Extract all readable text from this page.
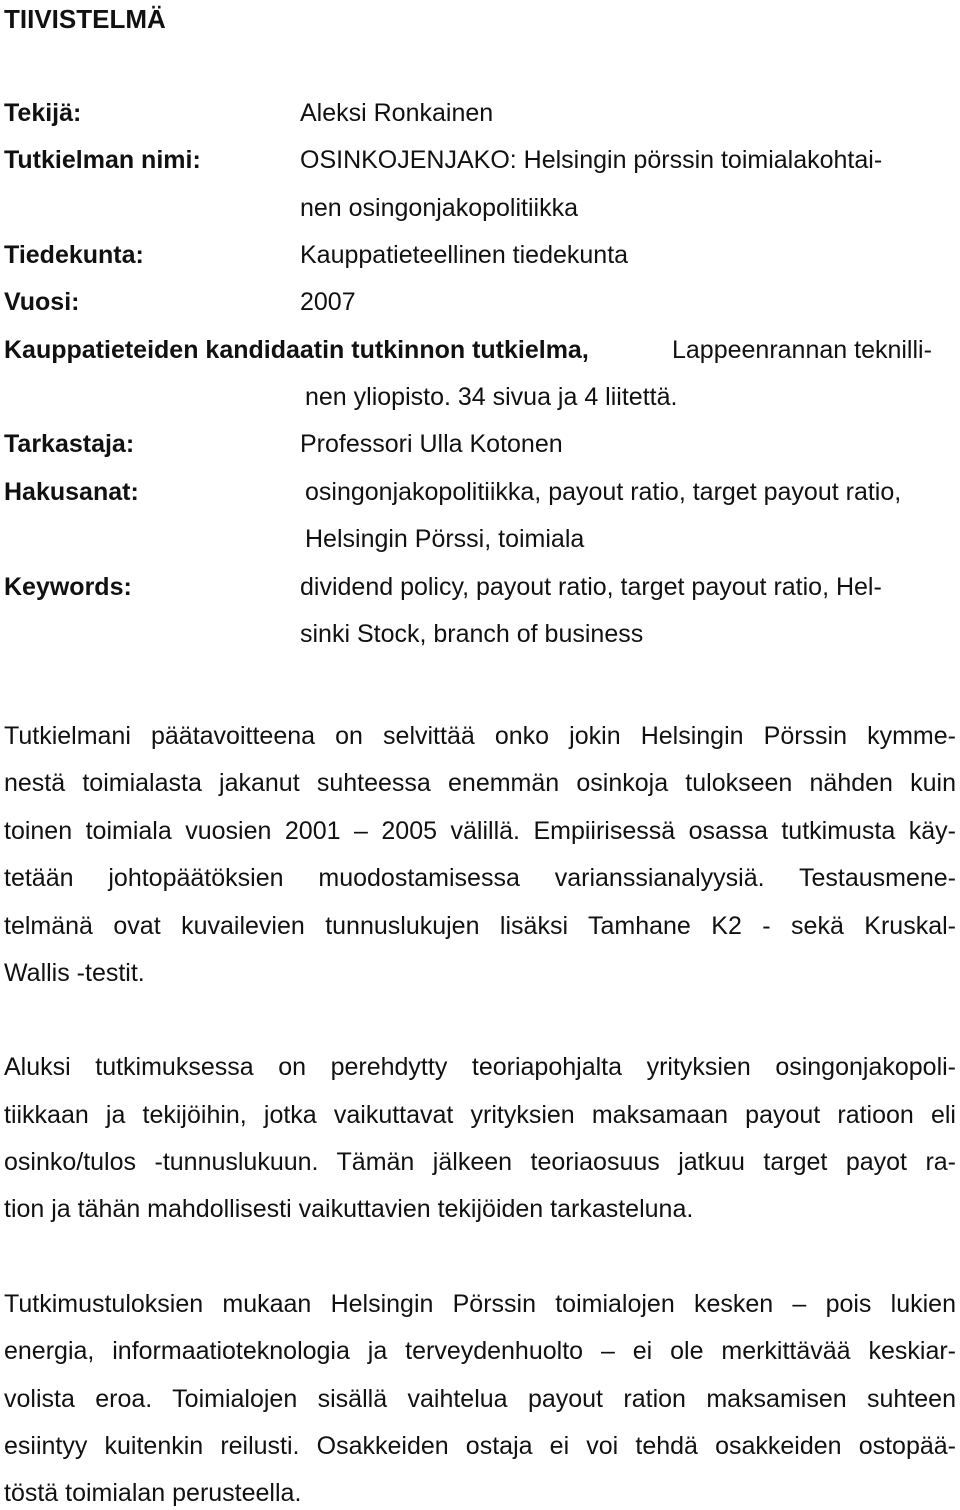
TIIVISTELMÄ
Tekijä:	Aleksi Ronkainen
Tutkielman nimi:	OSINKOJENJAKO: Helsingin pörssin toimialakohtai-
nen osingonjakopolitiikka
Tiedekunta:	Kauppatieteellinen tiedekunta
Vuosi:	2007
Kauppatieteiden kandidaatin tutkinnon tutkielma,	Lappeenrannan teknilli-
nen yliopisto. 34 sivua ja 4 liitettä.
Tarkastaja:	Professori Ulla Kotonen
Hakusanat:	osingonjakopolitiikka, payout ratio, target payout ratio,
Helsingin Pörssi, toimiala
Keywords:	dividend policy, payout ratio, target payout ratio, Hel-
sinki Stock, branch of business
Tutkielmani päätavoitteena on selvittää onko jokin Helsingin Pörssin kymme-
nestä toimialasta jakanut suhteessa enemmän osinkoja tulokseen nähden kuin
toinen toimiala vuosien 2001 – 2005 välillä. Empiirisessä osassa tutkimusta käy-
tetään johtopäätöksien muodostamisessa varianssianalyysiä. Testausmene-
telmänä ovat kuvailevien tunnuslukujen lisäksi Tamhane K2 - sekä Kruskal-
Wallis -testit.
Aluksi tutkimuksessa on perehdytty teoriapohjalta yrityksien osingonjakopoli-
tiikkaan ja tekijöihin, jotka vaikuttavat yrityksien maksamaan payout ratioon eli
osinko/tulos -tunnuslukuun. Tämän jälkeen teoriaosuus jatkuu target payot ra-
tion ja tähän mahdollisesti vaikuttavien tekijöiden tarkasteluna.
Tutkimustuloksien mukaan Helsingin Pörssin toimialojen kesken – pois lukien
energia, informaatioteknologia ja terveydenhuolto – ei ole merkittävää keskiar-
volista eroa. Toimialojen sisällä vaihtelua payout ration maksamisen suhteen
esiintyy kuitenkin reilusti. Osakkeiden ostaja ei voi tehdä osakkeiden ostopää-
töstä toimialan perusteella.
